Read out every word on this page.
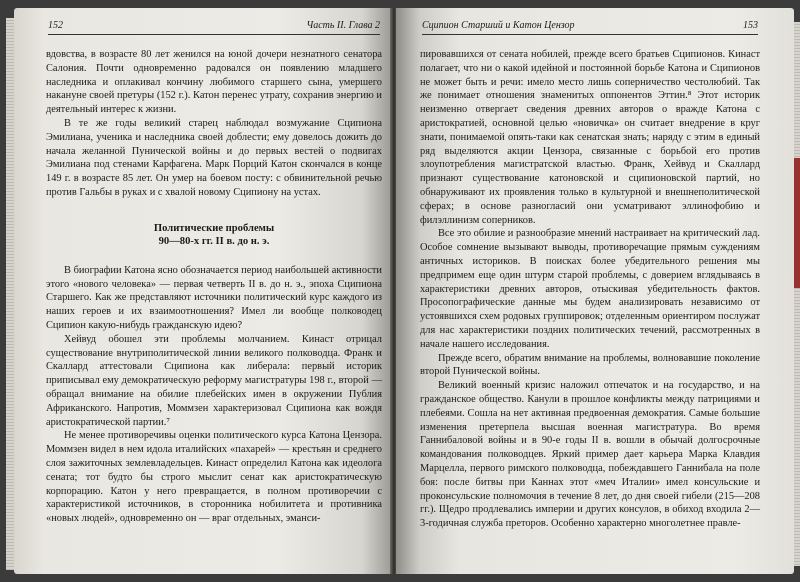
152	Часть II. Глава 2

вдовства, в возрасте 80 лет женился на юной дочери незнатного сенатора Салония. Почти одновременно радовался он появлению младшего наследника и оплакивал кончину любимого старшего сына, умершего накануне своей претуры (152 г.). Катон перенес утрату, сохранив энергию и деятельный интерес к жизни.

В те же годы великий старец наблюдал возмужание Сципиона Эмилиана, ученика и наследника своей доблести; ему довелось дожить до начала желанной Пунической войны и до первых вестей о подвигах Эмилиана под стенами Карфагена. Марк Порций Катон скончался в конце 149 г. в возрасте 85 лет. Он умер на боевом посту: с обвинительной речью против Гальбы в руках и с хвалой новому Сципиону на устах.

Политические проблемы
90—80-х гг. II в. до н. э.

В биографии Катона ясно обозначается период наибольшей активности этого «нового человека» — первая четверть II в. до н. э., эпоха Сципиона Старшего. Как же представляют источники политический курс каждого из наших героев и их взаимоотношения? Имел ли вообще полководец Сципион какую-нибудь гражданскую идею?

Хейвуд обошел эти проблемы молчанием. Кинаст отрицал существование внутриполитической линии великого полководца. Франк и Скаллард аттестовали Сципиона как либерала: первый историк приписывал ему демократическую реформу магистратуры 198 г., второй — обращал внимание на обилие плебейских имен в окружении Публия Африканского. Напротив, Моммзен характеризовал Сципиона как вождя аристократической партии.⁷

Не менее противоречивы оценки политического курса Катона Цензора. Моммзен видел в нем идола италийских «пахарей» — крестьян и среднего слоя зажиточных землевладельцев. Кинаст определил Катона как идеолога сената; тот будто бы строго мыслит сенат как аристократическую корпорацию. Катон у него превращается, в полном противоречии с характеристикой источников, в сторонника нобилитета и противника «новых людей», одновременно он — враг отдельных, эманси-

Сципион Старший и Катон Цензор	153

пировавшихся от сената нобилей, прежде всего братьев Сципионов. Кинаст полагает, что ни о какой идейной и постоянной борьбе Катона и Сципионов не может быть и речи: имело место лишь соперничество честолюбий. Так же понимает отношения знаменитых оппонентов Эттин.⁸ Этот историк неизменно отвергает сведения древних авторов о вражде Катона с аристократией, основной целью «новичка» он считает внедрение в круг знати, понимаемой опять-таки как сенатская знать; наряду с этим в единый ряд выделяются акции Цензора, связанные с борьбой его против злоупотребления магистратской властью. Франк, Хейвуд и Скаллард признают существование катоновской и сципионовской партий, но обнаруживают их проявления только в культурной и внешнеполитической сферах; в основе разногласий они усматривают эллинофобию и филэллинизм соперников.

Все это обилие и разнообразие мнений настраивает на критический лад. Особое сомнение вызывают выводы, противоречащие прямым суждениям античных историков. В поисках более убедительного решения мы предпримем еще один штурм старой проблемы, с доверием вглядываясь в характеристики древних авторов, отыскивая убедительность фактов. Просопографические данные мы будем анализировать независимо от устоявшихся схем родовых группировок; отделенным ориентиром послужат для нас характеристики поздних политических течений, рассмотренных в начале нашего исследования.

Прежде всего, обратим внимание на проблемы, волновавшие поколение второй Пунической войны.

Великий военный кризис наложил отпечаток и на государство, и на гражданское общество. Канули в прошлое конфликты между патрициями и плебеями. Сошла на нет активная предвоенная демократия. Самые большие изменения претерпела высшая военная магистратура. Во время Ганнибаловой войны и в 90-е годы II в. вошли в обычай долгосрочные командования полководцев. Яркий пример дает карьера Марка Клавдия Марцелла, первого римского полководца, побеждавшего Ганнибала на поле боя: после битвы при Каннах этот «меч Италии» имел консульские и проконсульские полномочия в течение 8 лет, до дня своей гибели (215—208 гг.). Щедро продлевались империи и других консулов, в обиход входила 2—3-годичная служба преторов. Особенно характерно многолетнее правле-
